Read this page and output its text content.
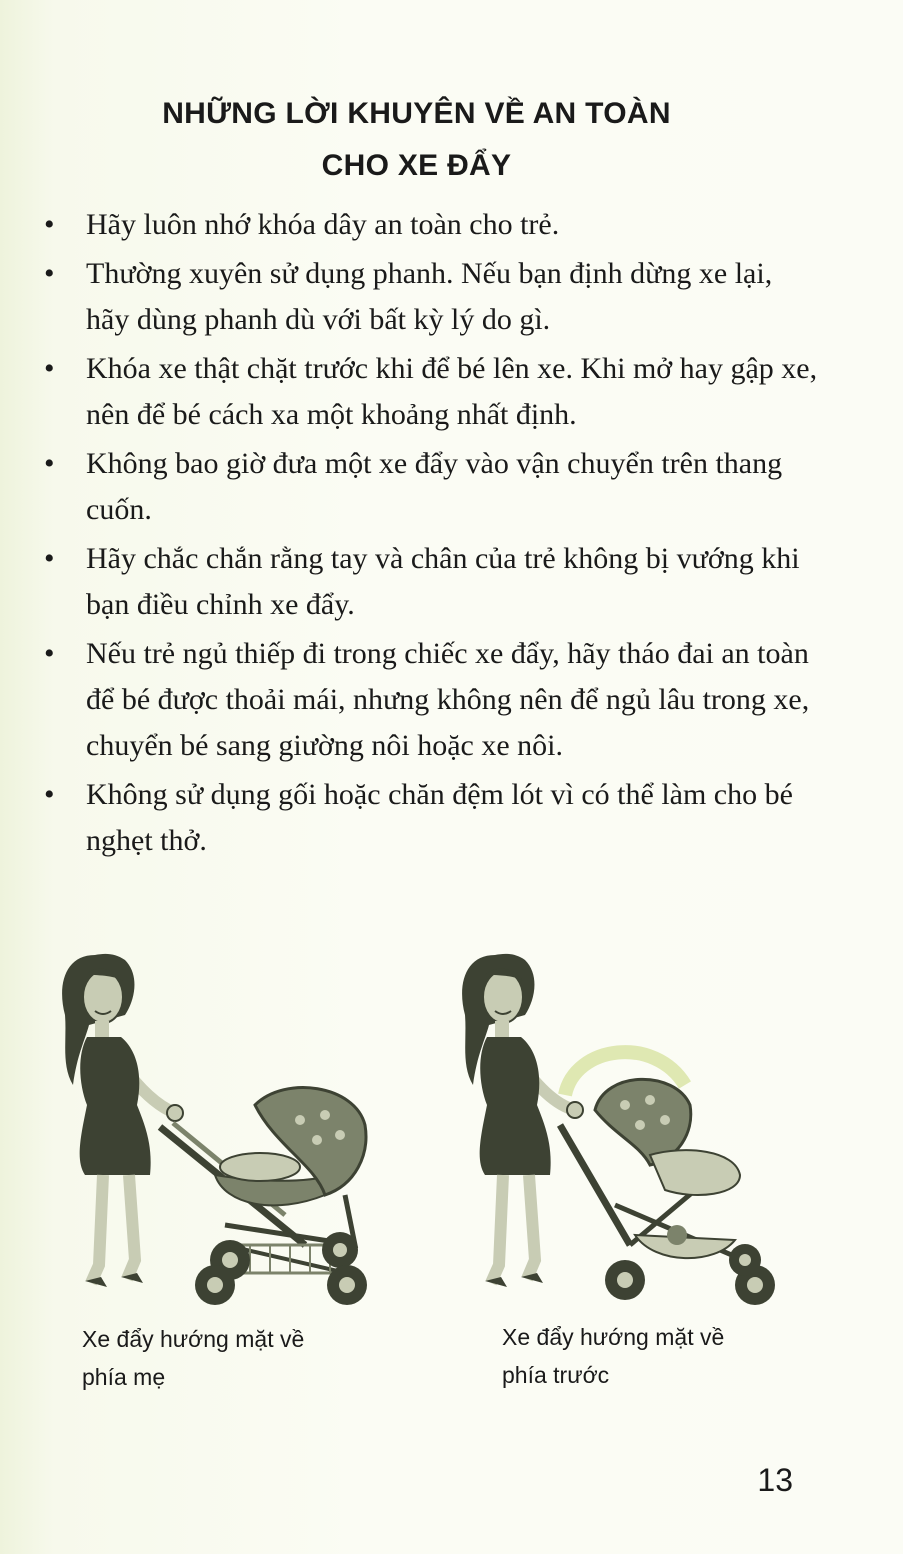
NHỮNG LỜI KHUYÊN VỀ AN TOÀN
CHO XE ĐẨY
• Hãy luôn nhớ khóa dây an toàn cho trẻ.
• Thường xuyên sử dụng phanh. Nếu bạn định dừng xe lại, hãy dùng phanh dù với bất kỳ lý do gì.
• Khóa xe thật chặt trước khi để bé lên xe. Khi mở hay gập xe, nên để bé cách xa một khoảng nhất định.
• Không bao giờ đưa một xe đẩy vào vận chuyển trên thang cuốn.
• Hãy chắc chắn rằng tay và chân của trẻ không bị vướng khi bạn điều chỉnh xe đẩy.
• Nếu trẻ ngủ thiếp đi trong chiếc xe đẩy, hãy tháo đai an toàn để bé được thoải mái, nhưng không nên để ngủ lâu trong xe, chuyển bé sang giường nôi hoặc xe nôi.
• Không sử dụng gối hoặc chăn đệm lót vì có thể làm cho bé nghẹt thở.
Xe đẩy hướng mặt về
phía mẹ
Xe đẩy hướng mặt về
phía trước
13
